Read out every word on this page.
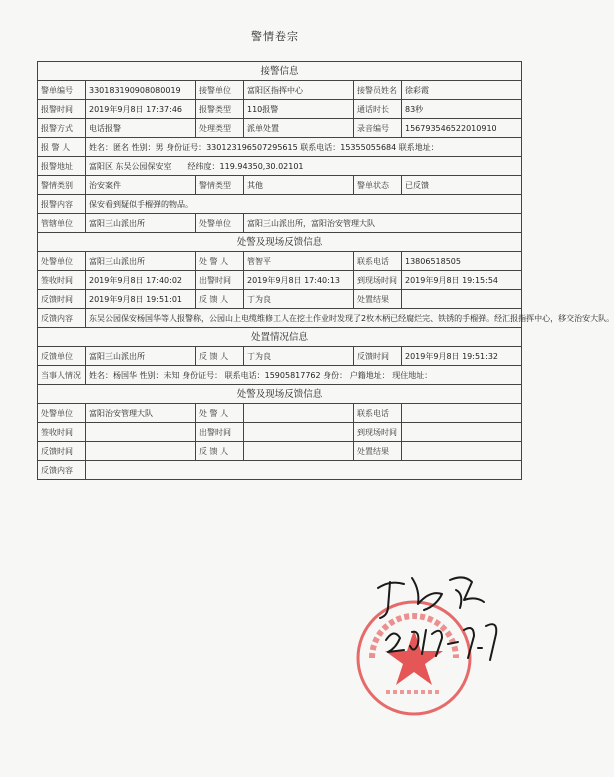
警情卷宗
接警信息					
警单编号	330183190908080019	接警单位	富阳区指挥中心	接警员姓名	徐彩霞
报警时间	2019年9月8日 17:37:46	报警类型	110报警	通话时长	83秒
报警方式	电话报警	处理类型	派单处置	录音编号	156793546522010910
报 警 人	姓名：匿名 性别：男 身份证号：330123196507295615 联系电话：15355055684 联系地址：				
报警地址	富阳区 东吴公园保安室　　经纬度：119.94350,30.02101				
警情类别	治安案件	警情类型	其他	警单状态	已反馈
报警内容	保安看到疑似手榴弹的物品。				
管辖单位	富阳三山派出所	处警单位	富阳三山派出所，富阳治安管理大队		
处警及现场反馈信息					
处警单位	富阳三山派出所	处 警 人	管智平	联系电话	13806518505
签收时间	2019年9月8日 17:40:02	出警时间	2019年9月8日 17:40:13	到现场时间	2019年9月8日 19:15:54
反馈时间	2019年9月8日 19:51:01	反 馈 人	丁为良	处置结果	
反馈内容	东吴公园保安杨国华等人报警称，公园山上电缆维修工人在挖土作业时发现了2枚木柄已经腐烂完、铁锈的手榴弹。经汇报指挥中心，移交治安大队。				
处置情况信息					
反馈单位	富阳三山派出所	反 馈 人	丁为良	反馈时间	2019年9月8日 19:51:32
当事人情况	姓名：杨国华 性别：未知 身份证号： 联系电话：15905817762 身份： 户籍地址： 现住地址：				
处警及现场反馈信息					
处警单位	富阳治安管理大队	处 警 人		联系电话	
签收时间		出警时间		到现场时间	
反馈时间		反 馈 人		处置结果	
反馈内容					
